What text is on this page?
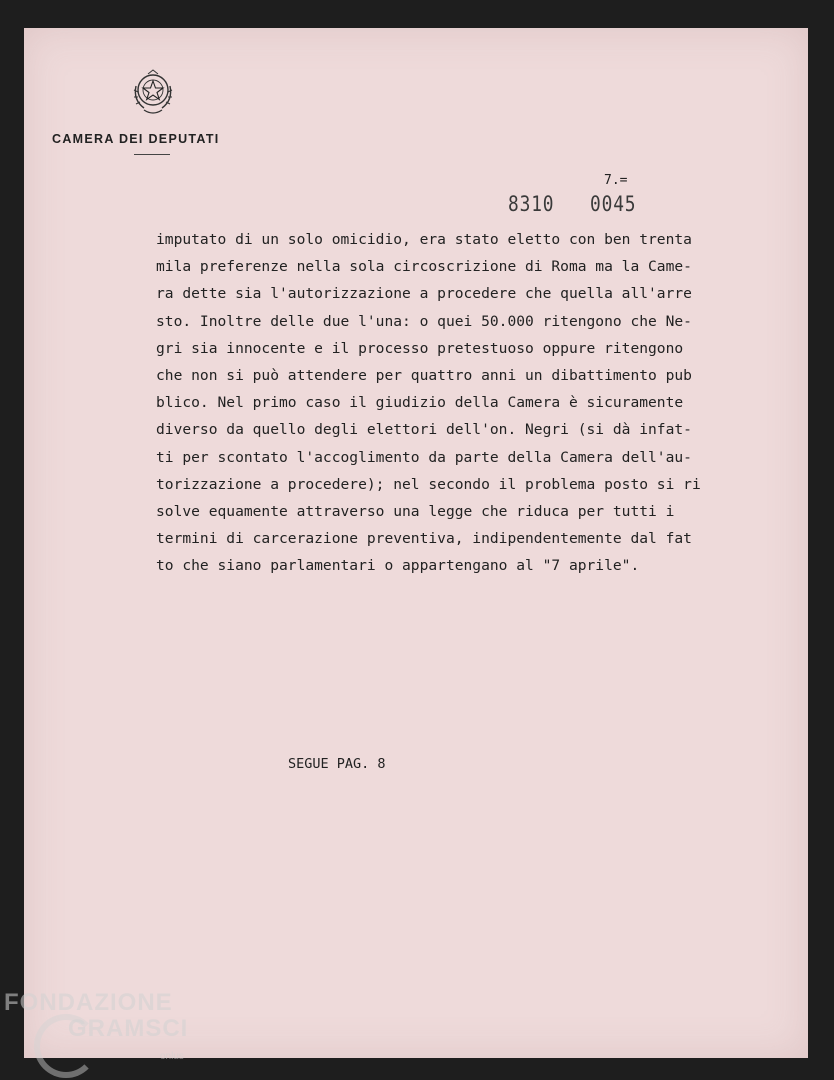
CAMERA DEI DEPUTATI
7.=
8310 0045
imputato di un solo omicidio, era stato eletto con ben trenta
mila preferenze nella sola circoscrizione di Roma ma la Came-
ra dette sia l'autorizzazione a procedere che quella all'arre
sto. Inoltre delle due l'una: o quei 50.000 ritengono che Ne-
gri sia innocente e il processo pretestuoso oppure ritengono
che non si può attendere per quattro anni un dibattimento pub
blico. Nel primo caso il giudizio della Camera è sicuramente
diverso da quello degli elettori dell'on. Negri (si dà infat-
ti per scontato l'accoglimento da parte della Camera dell'au-
torizzazione a procedere); nel secondo il problema posto si ri
solve equamente attraverso una legge che riduca per tutti i
termini di carcerazione preventiva, indipendentemente dal fat
to che siano parlamentari o appartengano al "7 aprile".
SEGUE PAG. 8
FONDAZIONE
GRAMSCI
onlus
